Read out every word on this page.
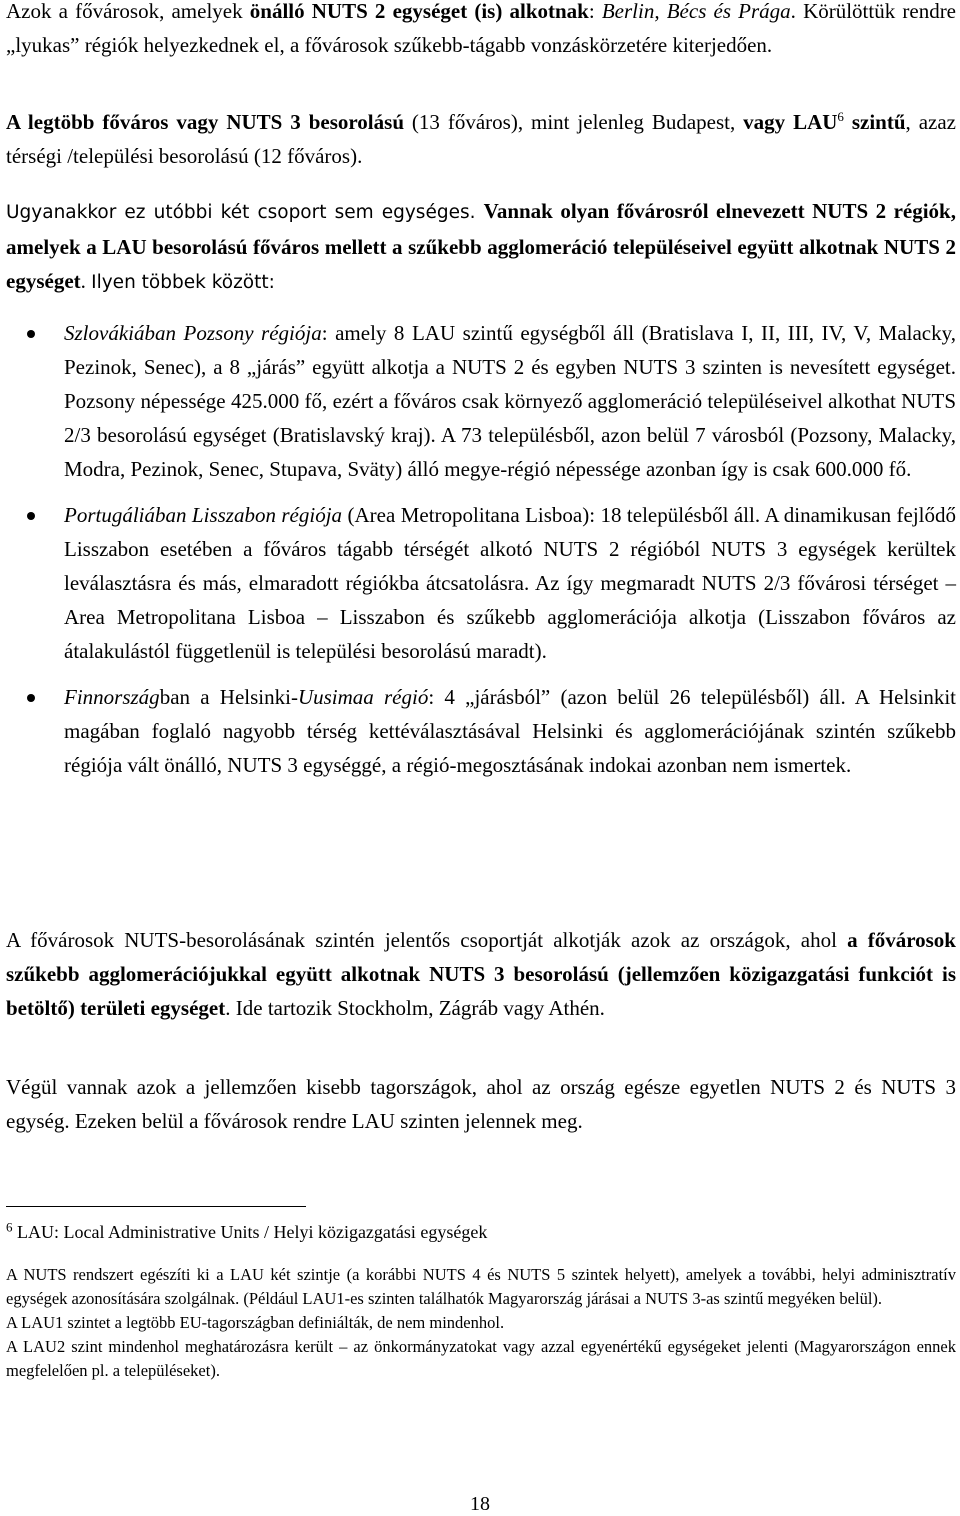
Azok a fővárosok, amelyek önálló NUTS 2 egységet (is) alkotnak: Berlin, Bécs és Prága. Körülöttük rendre „lyukas” régiók helyezkednek el, a fővárosok szűkebb-tágabb vonzáskörzetére kiterjedően.

A legtöbb főváros vagy NUTS 3 besorolású (13 főváros), mint jelenleg Budapest, vagy LAU$^6$ szintű, azaz térségi /települési besorolású (12 főváros).

Ugyanakkor ez utóbbi két csoport sem egységes. Vannak olyan fővárosról elnevezett NUTS 2 régiók, amelyek a LAU besorolású főváros mellett a szűkebb agglomeráció településeivel együtt alkotnak NUTS 2 egységet. Ilyen többek között:

Szlovákiában Pozsony régiója: amely 8 LAU szintű egységből áll (Bratislava I, II, III, IV, V, Malacky, Pezinok, Senec), a 8 „járás” együtt alkotja a NUTS 2 és egyben NUTS 3 szinten is nevesített egységet. Pozsony népessége 425.000 fő, ezért a főváros csak környező agglomeráció településeivel alkothat NUTS 2/3 besorolású egységet (Bratislavský kraj). A 73 településből, azon belül 7 városból (Pozsony, Malacky, Modra, Pezinok, Senec, Stupava, Sväty) álló megye-régió népessége azonban így is csak 600.000 fő.
Portugáliában Lisszabon régiója (Area Metropolitana Lisboa): 18 településből áll. A dinamikusan fejlődő Lisszabon esetében a főváros tágabb térségét alkotó NUTS 2 régióból NUTS 3 egységek kerültek leválasztásra és más, elmaradott régiókba átcsatolásra. Az így megmaradt NUTS 2/3 fővárosi térséget – Area Metropolitana Lisboa – Lisszabon és szűkebb agglomerációja alkotja (Lisszabon főváros az átalakulástól függetlenül is települési besorolású maradt).
Finnországban a Helsinki-Uusimaa régió: 4 „járásból” (azon belül 26 településből) áll. A Helsinkit magában foglaló nagyobb térség kettéválasztásával Helsinki és agglomerációjának szintén szűkebb régiója vált önálló, NUTS 3 egységgé, a régió-megosztásának indokai azonban nem ismertek.

A fővárosok NUTS-besorolásának szintén jelentős csoportját alkotják azok az országok, ahol a fővárosok szűkebb agglomerációjukkal együtt alkotnak NUTS 3 besorolású (jellemzően közigazgatási funkciót is betöltő) területi egységet. Ide tartozik Stockholm, Zágráb vagy Athén.

Végül vannak azok a jellemzően kisebb tagországok, ahol az ország egésze egyetlen NUTS 2 és NUTS 3 egység. Ezeken belül a fővárosok rendre LAU szinten jelennek meg.

$^6$ LAU: Local Administrative Units / Helyi közigazgatási egységek
A NUTS rendszert egészíti ki a LAU két szintje (a korábbi NUTS 4 és NUTS 5 szintek helyett), amelyek a további, helyi adminisztratív egységek azonosítására szolgálnak. (Például LAU1-es szinten találhatók Magyarország járásai a NUTS 3-as szintű megyéken belül).
A LAU1 szintet a legtöbb EU-tagországban definiálták, de nem mindenhol.
A LAU2 szint mindenhol meghatározásra került – az önkormányzatokat vagy azzal egyenértékű egységeket jelenti (Magyarországon ennek megfelelően pl. a településeket).
18
